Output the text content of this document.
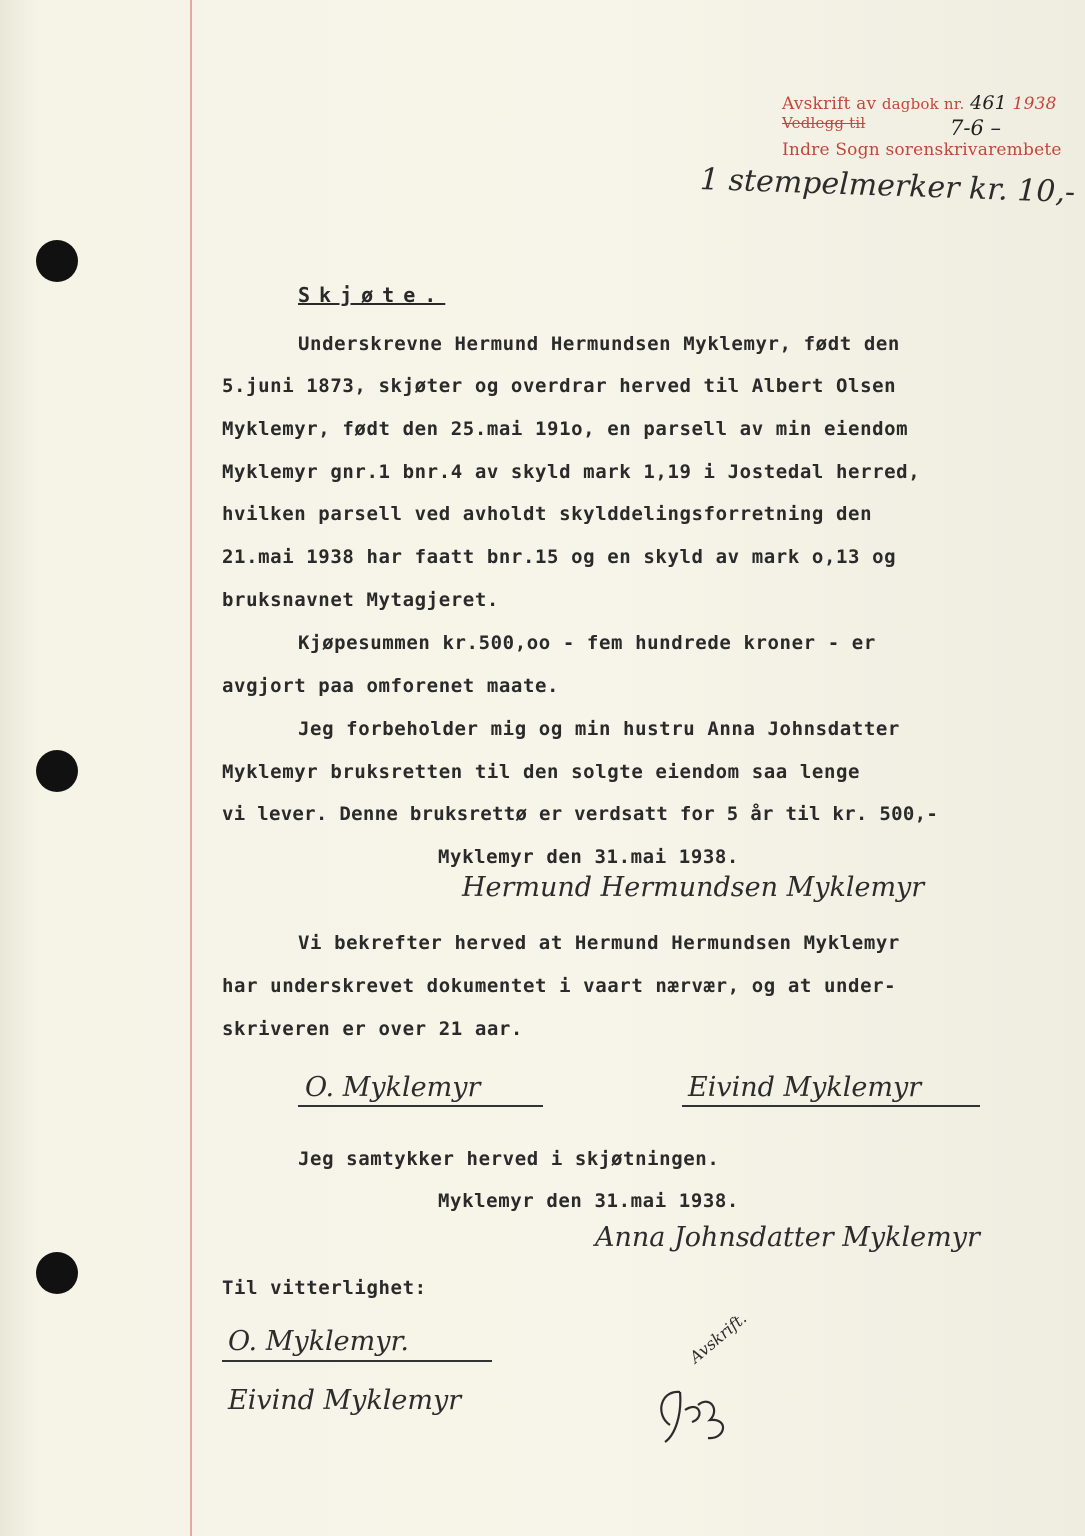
Avskrift av dagbok nr. 461 1938
Vedlegg til	7-6 –
Indre Sogn sorenskrivarembete
1 stempelmerker kr. 10,-
Skjøte.
Underskrevne Hermund Hermundsen Myklemyr, født den
5.juni 1873, skjøter og overdrar herved til Albert Olsen
Myklemyr, født den 25.mai 191o, en parsell av min eiendom
Myklemyr gnr.1 bnr.4 av skyld mark 1,19 i Jostedal herred,
hvilken parsell ved avholdt skylddelingsforretning den
21.mai 1938 har faatt bnr.15 og en skyld av mark o,13 og
bruksnavnet Mytagjeret.
Kjøpesummen kr.500,oo - fem hundrede kroner - er
avgjort paa omforenet maate.
Jeg forbeholder mig og min hustru Anna Johnsdatter
Myklemyr bruksretten til den solgte eiendom saa lenge
vi lever. Denne bruksrettø er verdsatt for 5 år til kr. 500,-
Myklemyr den 31.mai 1938.
Hermund Hermundsen Myklemyr
Vi bekrefter herved at Hermund Hermundsen Myklemyr
har underskrevet dokumentet i vaart nærvær, og at under-
skriveren er over 21 aar.
O. Myklemyr	Eivind Myklemyr
Jeg samtykker herved i skjøtningen.
Myklemyr den 31.mai 1938.
Anna Johnsdatter Myklemyr
Til vitterlighet:
O. Myklemyr.
Eivind Myklemyr
Avskrift.
